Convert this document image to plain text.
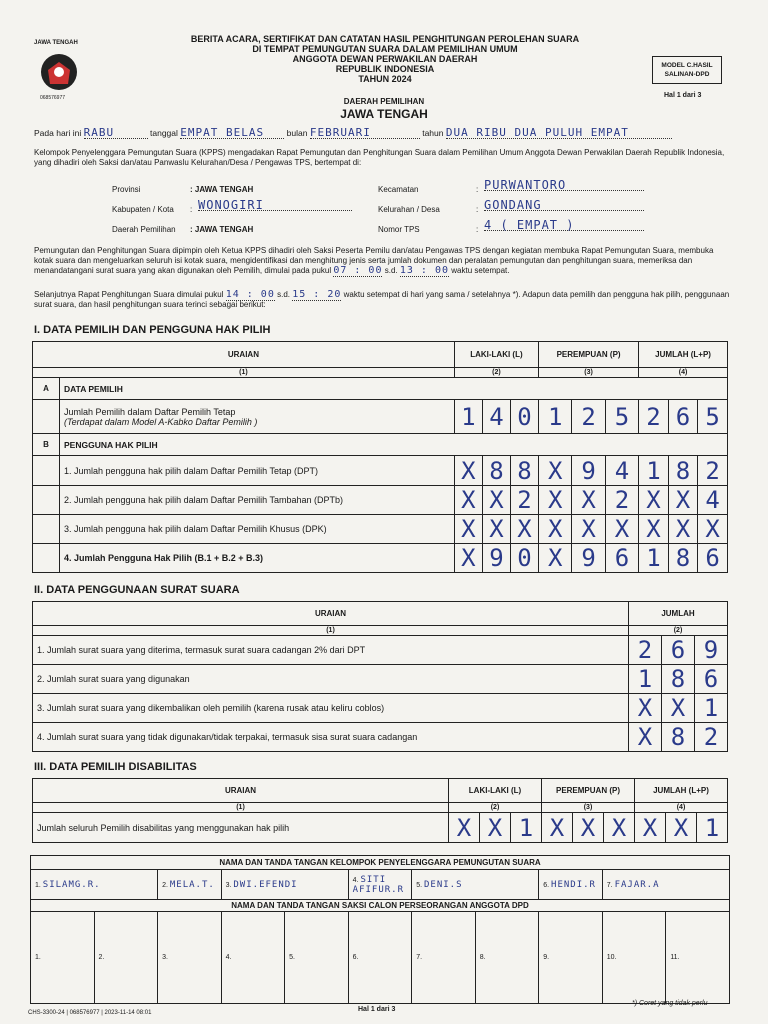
JAWA TENGAH
068576977
BERITA ACARA, SERTIFIKAT DAN CATATAN HASIL PENGHITUNGAN PEROLEHAN SUARA
DI TEMPAT PEMUNGUTAN SUARA DALAM PEMILIHAN UMUM
ANGGOTA DEWAN PERWAKILAN DAERAH
REPUBLIK INDONESIA
TAHUN 2024
MODEL C.HASIL
SALINAN-DPD
Hal 1 dari 3
DAERAH PEMILIHAN
JAWA TENGAH
Pada hari ini RABU	tanggal EMPAT BELAS	bulan FEBRUARI	tahun DUA RIBU DUA PULUH EMPAT
Kelompok Penyelenggara Pemungutan Suara (KPPS) mengadakan Rapat Pemungutan dan Penghitungan Suara dalam Pemilihan Umum Anggota Dewan Perwakilan Daerah Republik Indonesia, yang dihadiri oleh Saksi dan/atau Panwaslu Kelurahan/Desa / Pengawas TPS, bertempat di:
Provinsi	: JAWA TENGAH
Kabupaten / Kota : WONOGIRI
Daerah Pemilihan : JAWA TENGAH
Kecamatan	: PURWANTORO
Kelurahan / Desa	: GONDANG
Nomor TPS	: 4 ( EMPAT )
Pemungutan dan Penghitungan Suara dipimpin oleh Ketua KPPS dihadiri oleh Saksi Peserta Pemilu dan/atau Pengawas TPS dengan kegiatan membuka Rapat Pemungutan Suara, membuka kotak suara dan mengeluarkan seluruh isi kotak suara, mengidentifikasi dan menghitung jenis serta jumlah dokumen dan peralatan pemungutan dan penghitungan suara, memeriksa dan menandatangani surat suara yang akan digunakan oleh Pemilih, dimulai pada pukul 07 : 00 s.d. 13 : 00 waktu setempat.
Selanjutnya Rapat Penghitungan Suara dimulai pukul 14 : 00 s.d. 15 : 20 waktu setempat di hari yang sama / setelahnya *). Adapun data pemilih dan pengguna hak pilih, penggunaan surat suara, dan hasil penghitungan suara terinci sebagai berikut:
I. DATA PEMILIH DAN PENGGUNA HAK PILIH
URAIAN		LAKI-LAKI (L)			PEREMPUAN (P)			JUMLAH (L+P)		
(1)		(2)			(3)			(4)		
A	DATA PEMILIH									

	Jumlah Pemilih dalam Daftar Pemilih Tetap
(Terdapat dalam Model A-Kabko Daftar Pemilih )	1	4	0	1	2	5	2	6	5
B	PENGGUNA HAK PILIH									
	1. Jumlah pengguna hak pilih dalam Daftar Pemilih Tetap (DPT)	X	8	8	X	9	4	1	8	2
	2. Jumlah pengguna hak pilih dalam Daftar Pemilih Tambahan (DPTb)	X	X	2	X	X	2	X	X	4
	3. Jumlah pengguna hak pilih dalam Daftar Pemilih Khusus (DPK)	X	X	X	X	X	X	X	X	X
	4. Jumlah Pengguna Hak Pilih (B.1 + B.2 + B.3)	X	9	0	X	9	6	1	8	6
II. DATA PENGGUNAAN SURAT SUARA
URAIAN	JUMLAH		
(1)	(2)		
1. Jumlah surat suara yang diterima, termasuk surat suara cadangan 2% dari DPT	2	6	9
2. Jumlah surat suara yang digunakan	1	8	6
3. Jumlah surat suara yang dikembalikan oleh pemilih (karena rusak atau keliru coblos)	X	X	1
4. Jumlah surat suara yang tidak digunakan/tidak terpakai, termasuk sisa surat suara cadangan	X	8	2
III. DATA PEMILIH DISABILITAS
URAIAN	LAKI-LAKI (L)			PEREMPUAN (P)			JUMLAH (L+P)		
(1)	(2)			(3)			(4)		
Jumlah seluruh Pemilih disabilitas yang menggunakan hak pilih	X	X	1	X	X	X	X	X	1
NAMA DAN TANDA TANGAN KELOMPOK PENYELENGGARA PEMUNGUTAN SUARA										
1. SILAMG.R.		2. MELA.T.	3. DWI.EFENDI		4. SITI AFIFUR.R	5. DENI.S		6. HENDI.R	7. FAJAR.A	
NAMA DAN TANDA TANGAN SAKSI CALON PERSEORANGAN ANGGOTA DPD										
1.	2.	3.	4.	5.	6.	7.	8.	9.	10.	11.
CHS-3300-24 | 068576977 | 2023-11-14 08:01	Hal 1 dari 3
*) Coret yang tidak perlu
